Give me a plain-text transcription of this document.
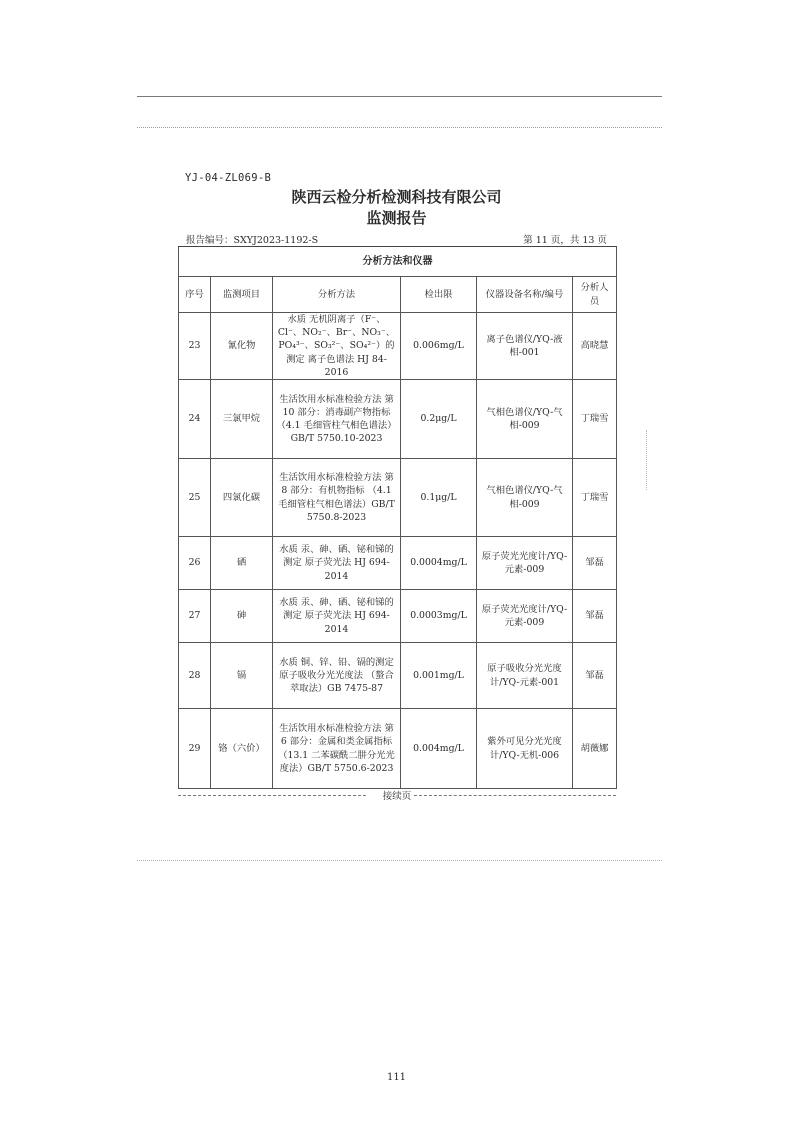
YJ-04-ZL069-B
陕西云检分析检测科技有限公司
监测报告
报告编号：SXYJ2023-1192-S	第 11 页，共 13 页
分析方法和仪器					
序号	监测项目	分析方法	检出限	仪器设备名称/编号	分析人员
23	氰化物	水质 无机阴离子（F⁻、Cl⁻、NO₂⁻、Br⁻、NO₃⁻、PO₄³⁻、SO₃²⁻、SO₄²⁻）的测定 离子色谱法 HJ 84-2016	0.006mg/L	离子色谱仪/YQ-液相-001	高晓慧
24	三氯甲烷	生活饮用水标准检验方法 第 10 部分：消毒副产物指标 （4.1 毛细管柱气相色谱法）GB/T 5750.10-2023	0.2μg/L	气相色谱仪/YQ-气相-009	丁瑞雪
25	四氯化碳	生活饮用水标准检验方法 第 8 部分：有机物指标 （4.1 毛细管柱气相色谱法）GB/T 5750.8-2023	0.1μg/L	气相色谱仪/YQ-气相-009	丁瑞雪
26	硒	水质 汞、砷、硒、铋和锑的测定 原子荧光法 HJ 694-2014	0.0004mg/L	原子荧光光度计/YQ-元素-009	邹磊
27	砷	水质 汞、砷、硒、铋和锑的测定 原子荧光法 HJ 694-2014	0.0003mg/L	原子荧光光度计/YQ-元素-009	邹磊
28	镉	水质 铜、锌、铅、镉的测定 原子吸收分光光度法 （螯合萃取法）GB 7475-87	0.001mg/L	原子吸收分光光度计/YQ-元素-001	邹磊
29	铬（六价）	生活饮用水标准检验方法 第 6 部分：金属和类金属指标 （13.1 二苯碳酰二肼分光光度法）GB/T 5750.6-2023	0.004mg/L	紫外可见分光光度计/YQ-无机-006	胡薇娜
接续页
111
